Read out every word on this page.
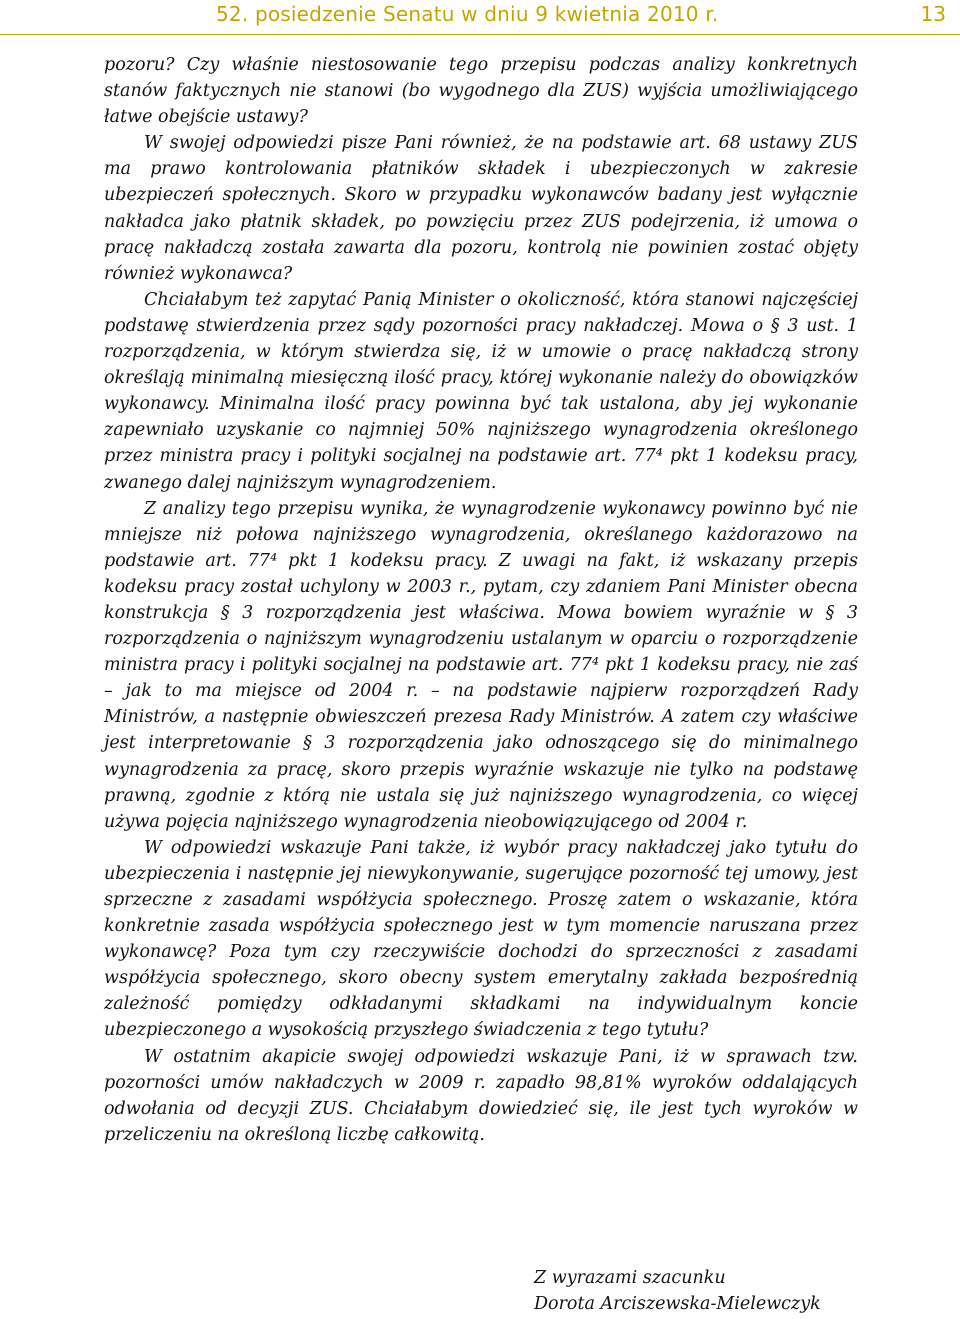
52. posiedzenie Senatu w dniu 9 kwietnia 2010 r.	13

pozoru? Czy właśnie niestosowanie tego przepisu podczas analizy konkretnych stanów faktycznych nie stanowi (bo wygodnego dla ZUS) wyjścia umożliwiającego łatwe obejście ustawy?

W swojej odpowiedzi pisze Pani również, że na podstawie art. 68 ustawy ZUS ma prawo kontrolowania płatników składek i ubezpieczonych w zakresie ubezpieczeń społecznych. Skoro w przypadku wykonawców badany jest wyłącznie nakładca jako płatnik składek, po powzięciu przez ZUS podejrzenia, iż umowa o pracę nakładczą została zawarta dla pozoru, kontrolą nie powinien zostać objęty również wykonawca?

Chciałabym też zapytać Panią Minister o okoliczność, która stanowi najczęściej podstawę stwierdzenia przez sądy pozorności pracy nakładczej. Mowa o § 3 ust. 1 rozporządzenia, w którym stwierdza się, iż w umowie o pracę nakładczą strony określają minimalną miesięczną ilość pracy, której wykonanie należy do obowiązków wykonawcy. Minimalna ilość pracy powinna być tak ustalona, aby jej wykonanie zapewniało uzyskanie co najmniej 50% najniższego wynagrodzenia określonego przez ministra pracy i polityki socjalnej na podstawie art. 77⁴ pkt 1 kodeksu pracy, zwanego dalej najniższym wynagrodzeniem.

Z analizy tego przepisu wynika, że wynagrodzenie wykonawcy powinno być nie mniejsze niż połowa najniższego wynagrodzenia, określanego każdorazowo na podstawie art. 77⁴ pkt 1 kodeksu pracy. Z uwagi na fakt, iż wskazany przepis kodeksu pracy został uchylony w 2003 r., pytam, czy zdaniem Pani Minister obecna konstrukcja § 3 rozporządzenia jest właściwa. Mowa bowiem wyraźnie w § 3 rozporządzenia o najniższym wynagrodzeniu ustalanym w oparciu o rozporządzenie ministra pracy i polityki socjalnej na podstawie art. 77⁴ pkt 1 kodeksu pracy, nie zaś – jak to ma miejsce od 2004 r. – na podstawie najpierw rozporządzeń Rady Ministrów, a następnie obwieszczeń prezesa Rady Ministrów. A zatem czy właściwe jest interpretowanie § 3 rozporządzenia jako odnoszącego się do minimalnego wynagrodzenia za pracę, skoro przepis wyraźnie wskazuje nie tylko na podstawę prawną, zgodnie z którą nie ustala się już najniższego wynagrodzenia, co więcej używa pojęcia najniższego wynagrodzenia nieobowiązującego od 2004 r.

W odpowiedzi wskazuje Pani także, iż wybór pracy nakładczej jako tytułu do ubezpieczenia i następnie jej niewykonywanie, sugerujące pozorność tej umowy, jest sprzeczne z zasadami współżycia społecznego. Proszę zatem o wskazanie, która konkretnie zasada współżycia społecznego jest w tym momencie naruszana przez wykonawcę? Poza tym czy rzeczywiście dochodzi do sprzeczności z zasadami współżycia społecznego, skoro obecny system emerytalny zakłada bezpośrednią zależność pomiędzy odkładanymi składkami na indywidualnym koncie ubezpieczonego a wysokością przyszłego świadczenia z tego tytułu?

W ostatnim akapicie swojej odpowiedzi wskazuje Pani, iż w sprawach tzw. pozorności umów nakładczych w 2009 r. zapadło 98,81% wyroków oddalających odwołania od decyzji ZUS. Chciałabym dowiedzieć się, ile jest tych wyroków w przeliczeniu na określoną liczbę całkowitą.

Z wyrazami szacunku
Dorota Arciszewska-Mielewczyk
